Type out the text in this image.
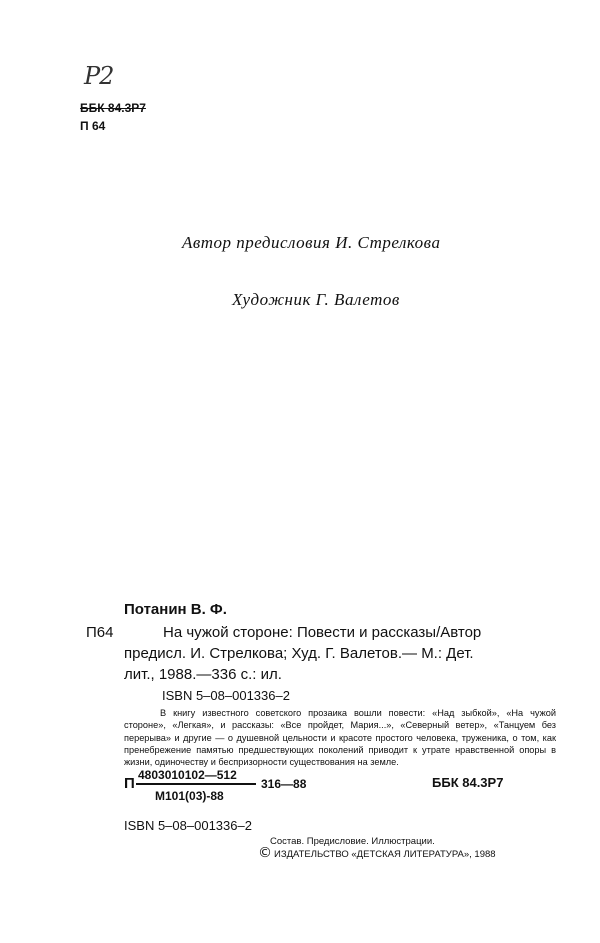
Р2
ББК 84.3Р7
П 64
Автор предисловия И. Стрелкова
Художник Г. Валетов
Потанин В. Ф.
П64	На чужой стороне: Повести и рассказы/Автор
предисл. И. Стрелкова; Худ. Г. Валетов.— М.: Дет.
лит., 1988.—336 с.: ил.
ISBN 5–08–001336–2
В книгу известного советского прозаика вошли повести: «Над зыбкой», «На чужой стороне», «Легкая», и рассказы: «Все пройдет, Мария...», «Северный ветер», «Танцуем без перерыва» и другие — о душевной цельности и красоте простого человека, труженика, о том, как пренебрежение памятью предшествующих поколений приводит к утрате нравственной опоры в жизни, одиночеству и беспризорности существования на земле.
П 4803010102—512
М101(03)-88
316—88	ББК 84.3Р7
ISBN 5–08–001336–2
Состав. Предисловие. Иллюстрации.
© ИЗДАТЕЛЬСТВО «ДЕТСКАЯ ЛИТЕРАТУРА», 1988
